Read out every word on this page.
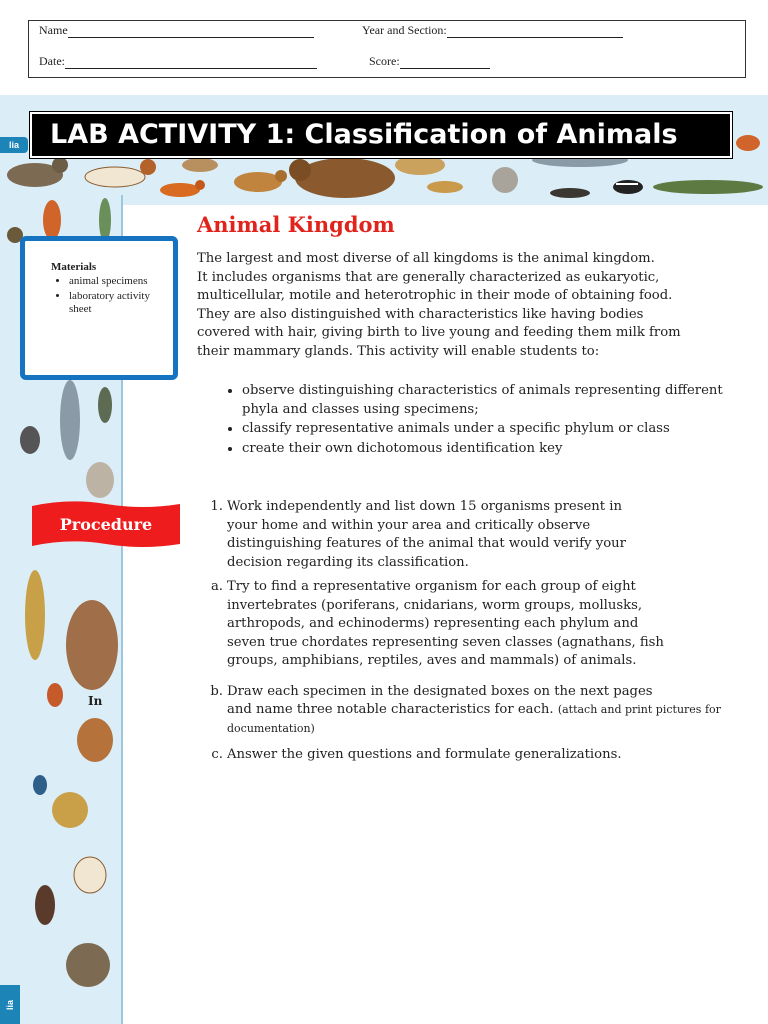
Name	Year and Section:
Date:	Score:
lia
lia
LAB ACTIVITY 1: Classification of Animals
Materials
• animal specimens
• laboratory activity sheet
Procedure
Animal Kingdom
The largest and most diverse of all kingdoms is the animal kingdom.
It includes organisms that are generally characterized as eukaryotic,
multicellular, motile and heterotrophic in their mode of obtaining food.
They are also distinguished with characteristics like having bodies
covered with hair, giving birth to live young and feeding them milk from
their mammary glands. This activity will enable students to:
• observe distinguishing characteristics of animals representing different phyla and classes using specimens;
• classify representative animals under a specific phylum or class
• create their own dichotomous identification key
1. Work independently and list down 15 organisms present in
your home and within your area and critically observe
distinguishing features of the animal that would verify your
decision regarding its classification.
a. Try to find a representative organism for each group of eight
invertebrates (poriferans, cnidarians, worm groups, mollusks,
arthropods, and echinoderms) representing each phylum and
seven true chordates representing seven classes (agnathans, fish
groups, amphibians, reptiles, aves and mammals) of animals.
b. Draw each specimen in the designated boxes on the next pages
and name three notable characteristics for each. (attach and print pictures for documentation)
c. Answer the given questions and formulate generalizations.
In
